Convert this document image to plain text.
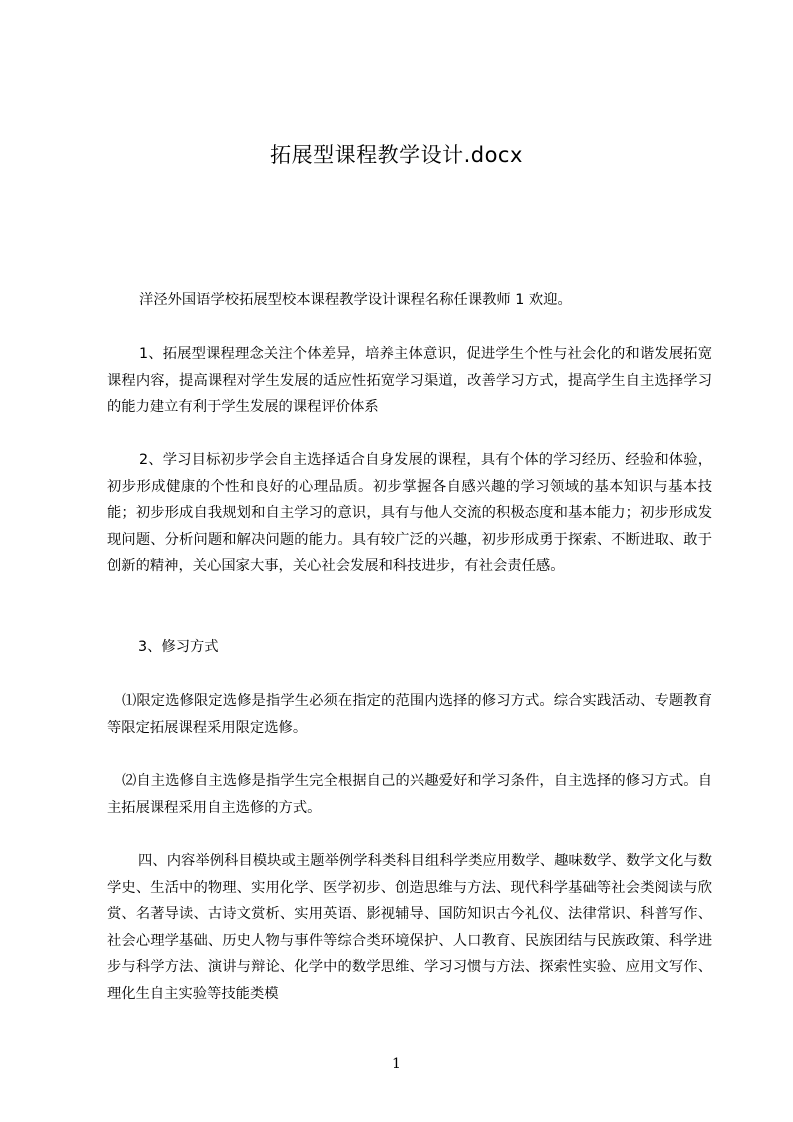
拓展型课程教学设计.docx
洋泾外国语学校拓展型校本课程教学设计课程名称任课教师 1 欢迎。
1、拓展型课程理念关注个体差异，培养主体意识，促进学生个性与社会化的和谐发展拓宽课程内容，提高课程对学生发展的适应性拓宽学习渠道，改善学习方式，提高学生自主选择学习的能力建立有利于学生发展的课程评价体系
2、学习目标初步学会自主选择适合自身发展的课程，具有个体的学习经历、经验和体验，初步形成健康的个性和良好的心理品质。初步掌握各自感兴趣的学习领域的基本知识与基本技能；初步形成自我规划和自主学习的意识，具有与他人交流的积极态度和基本能力；初步形成发现问题、分析问题和解决问题的能力。具有较广泛的兴趣，初步形成勇于探索、不断进取、敢于创新的精神，关心国家大事，关心社会发展和科技进步，有社会责任感。
3、修习方式
⑴限定选修限定选修是指学生必须在指定的范围内选择的修习方式。综合实践活动、专题教育等限定拓展课程采用限定选修。
⑵自主选修自主选修是指学生完全根据自己的兴趣爱好和学习条件，自主选择的修习方式。自主拓展课程采用自主选修的方式。
四、内容举例科目模块或主题举例学科类科目组科学类应用数学、趣味数学、数学文化与数学史、生活中的物理、实用化学、医学初步、创造思维与方法、现代科学基础等社会类阅读与欣赏、名著导读、古诗文赏析、实用英语、影视辅导、国防知识古今礼仪、法律常识、科普写作、社会心理学基础、历史人物与事件等综合类环境保护、人口教育、民族团结与民族政策、科学进步与科学方法、演讲与辩论、化学中的数学思维、学习习惯与方法、探索性实验、应用文写作、理化生自主实验等技能类模
1
